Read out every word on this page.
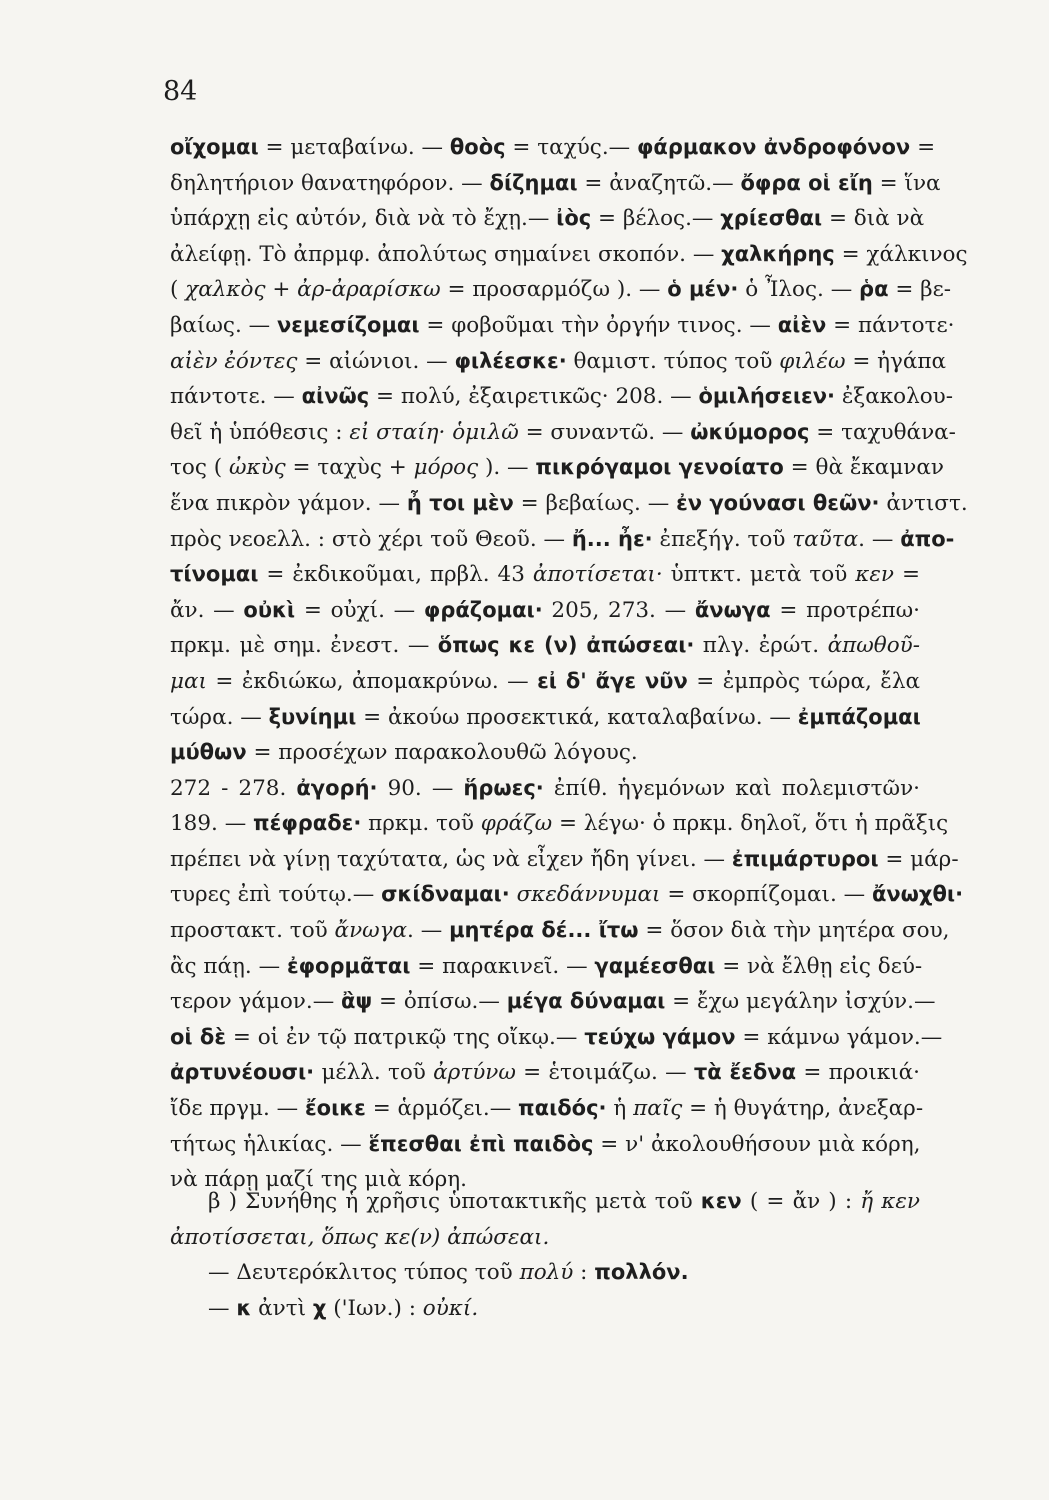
84
οἴχομαι = μεταβαίνω. — θοὸς = ταχύς.— φάρμακον ἀνδροφόνον =
δηλητήριον θανατηφόρον. — δίζημαι = ἀναζητῶ.— ὄφρα οἱ εἴη = ἵνα
ὑπάρχῃ εἰς αὐτόν, διὰ νὰ τὸ ἔχῃ.— ἰὸς = βέλος.— χρίεσθαι = διὰ νὰ
ἀλείφῃ. Τὸ ἀπρμφ. ἀπολύτως σημαίνει σκοπόν. — χαλκήρης = χάλκινος
( χαλκὸς + ἀρ-ἀραρίσκω = προσαρμόζω ). — ὁ μέν· ὁ Ἶλος. — ῥα = βε-
βαίως. — νεμεσίζομαι = φοβοῦμαι τὴν ὀργήν τινος. — αἰὲν = πάντοτε·
αἰὲν ἐόντες = αἰώνιοι. — φιλέεσκε· θαμιστ. τύπος τοῦ φιλέω = ἠγάπα
πάντοτε. — αἰνῶς = πολύ, ἐξαιρετικῶς· 208. — ὁμιλήσειεν· ἐξακολου-
θεῖ ἡ ὑπόθεσις : εἰ σταίη· ὁμιλῶ = συναντῶ. — ὠκύμορος = ταχυθάνα-
τος ( ὠκὺς = ταχὺς + μόρος ). — πικρόγαμοι γενοίατο = θὰ ἔκαμναν
ἕνα πικρὸν γάμον. — ἦ τοι μὲν = βεβαίως. — ἐν γούνασι θεῶν· ἀντιστ.
πρὸς νεοελλ. : στὸ χέρι τοῦ Θεοῦ. — ἤ... ἦε· ἐπεξήγ. τοῦ ταῦτα. — ἀπο-
τίνομαι = ἐκδικοῦμαι, πρβλ. 43 ἀποτίσεται· ὑπτκτ. μετὰ τοῦ κεν =
ἄν. — οὐκὶ = οὐχί. — φράζομαι· 205, 273. — ἄνωγα = προτρέπω·
πρκμ. μὲ σημ. ἐνεστ. — ὅπως κε (ν) ἀπώσεαι· πλγ. ἐρώτ. ἀπωθοῦ-
μαι = ἐκδιώκω, ἀπομακρύνω. — εἰ δ' ἄγε νῦν = ἐμπρὸς τώρα, ἔλα
τώρα. — ξυνίημι = ἀκούω προσεκτικά, καταλαβαίνω. — ἐμπάζομαι
μύθων = προσέχων παρακολουθῶ λόγους.
272 - 278. ἀγορή· 90. — ἥρωες· ἐπίθ. ἡγεμόνων καὶ πολεμιστῶν·
189. — πέφραδε· πρκμ. τοῦ φράζω = λέγω· ὁ πρκμ. δηλοῖ, ὅτι ἡ πρᾶξις
πρέπει νὰ γίνῃ ταχύτατα, ὡς νὰ εἶχεν ἤδη γίνει. — ἐπιμάρτυροι = μάρ-
τυρες ἐπὶ τούτῳ.— σκίδναμαι· σκεδάννυμαι = σκορπίζομαι. — ἄνωχθι·
προστακτ. τοῦ ἄνωγα. — μητέρα δέ... ἴτω = ὅσον διὰ τὴν μητέρα σου,
ἂς πάῃ. — ἐφορμᾶται = παρακινεῖ. — γαμέεσθαι = νὰ ἔλθῃ εἰς δεύ-
τερον γάμον.— ἂψ = ὀπίσω.— μέγα δύναμαι = ἔχω μεγάλην ἰσχύν.—
οἱ δὲ = οἱ ἐν τῷ πατρικῷ της οἴκῳ.— τεύχω γάμον = κάμνω γάμον.—
ἀρτυνέουσι· μέλλ. τοῦ ἀρτύνω = ἑτοιμάζω. — τὰ ἔεδνα = προικιά·
ἴδε πργμ. — ἔοικε = ἁρμόζει.— παιδός· ἡ παῖς = ἡ θυγάτηρ, ἀνεξαρ-
τήτως ἡλικίας. — ἕπεσθαι ἐπὶ παιδὸς = ν' ἀκολουθήσουν μιὰ κόρη,
νὰ πάρῃ μαζί της μιὰ κόρη.
β ) Συνήθης ἡ χρῆσις ὑποτακτικῆς μετὰ τοῦ κεν ( = ἄν ) : ἤ κεν
ἀποτίσσεται, ὅπως κε(ν) ἀπώσεαι.
— Δευτερόκλιτος τύπος τοῦ πολύ : πολλόν.
— κ ἀντὶ χ ('Ιων.) : οὐκί.
